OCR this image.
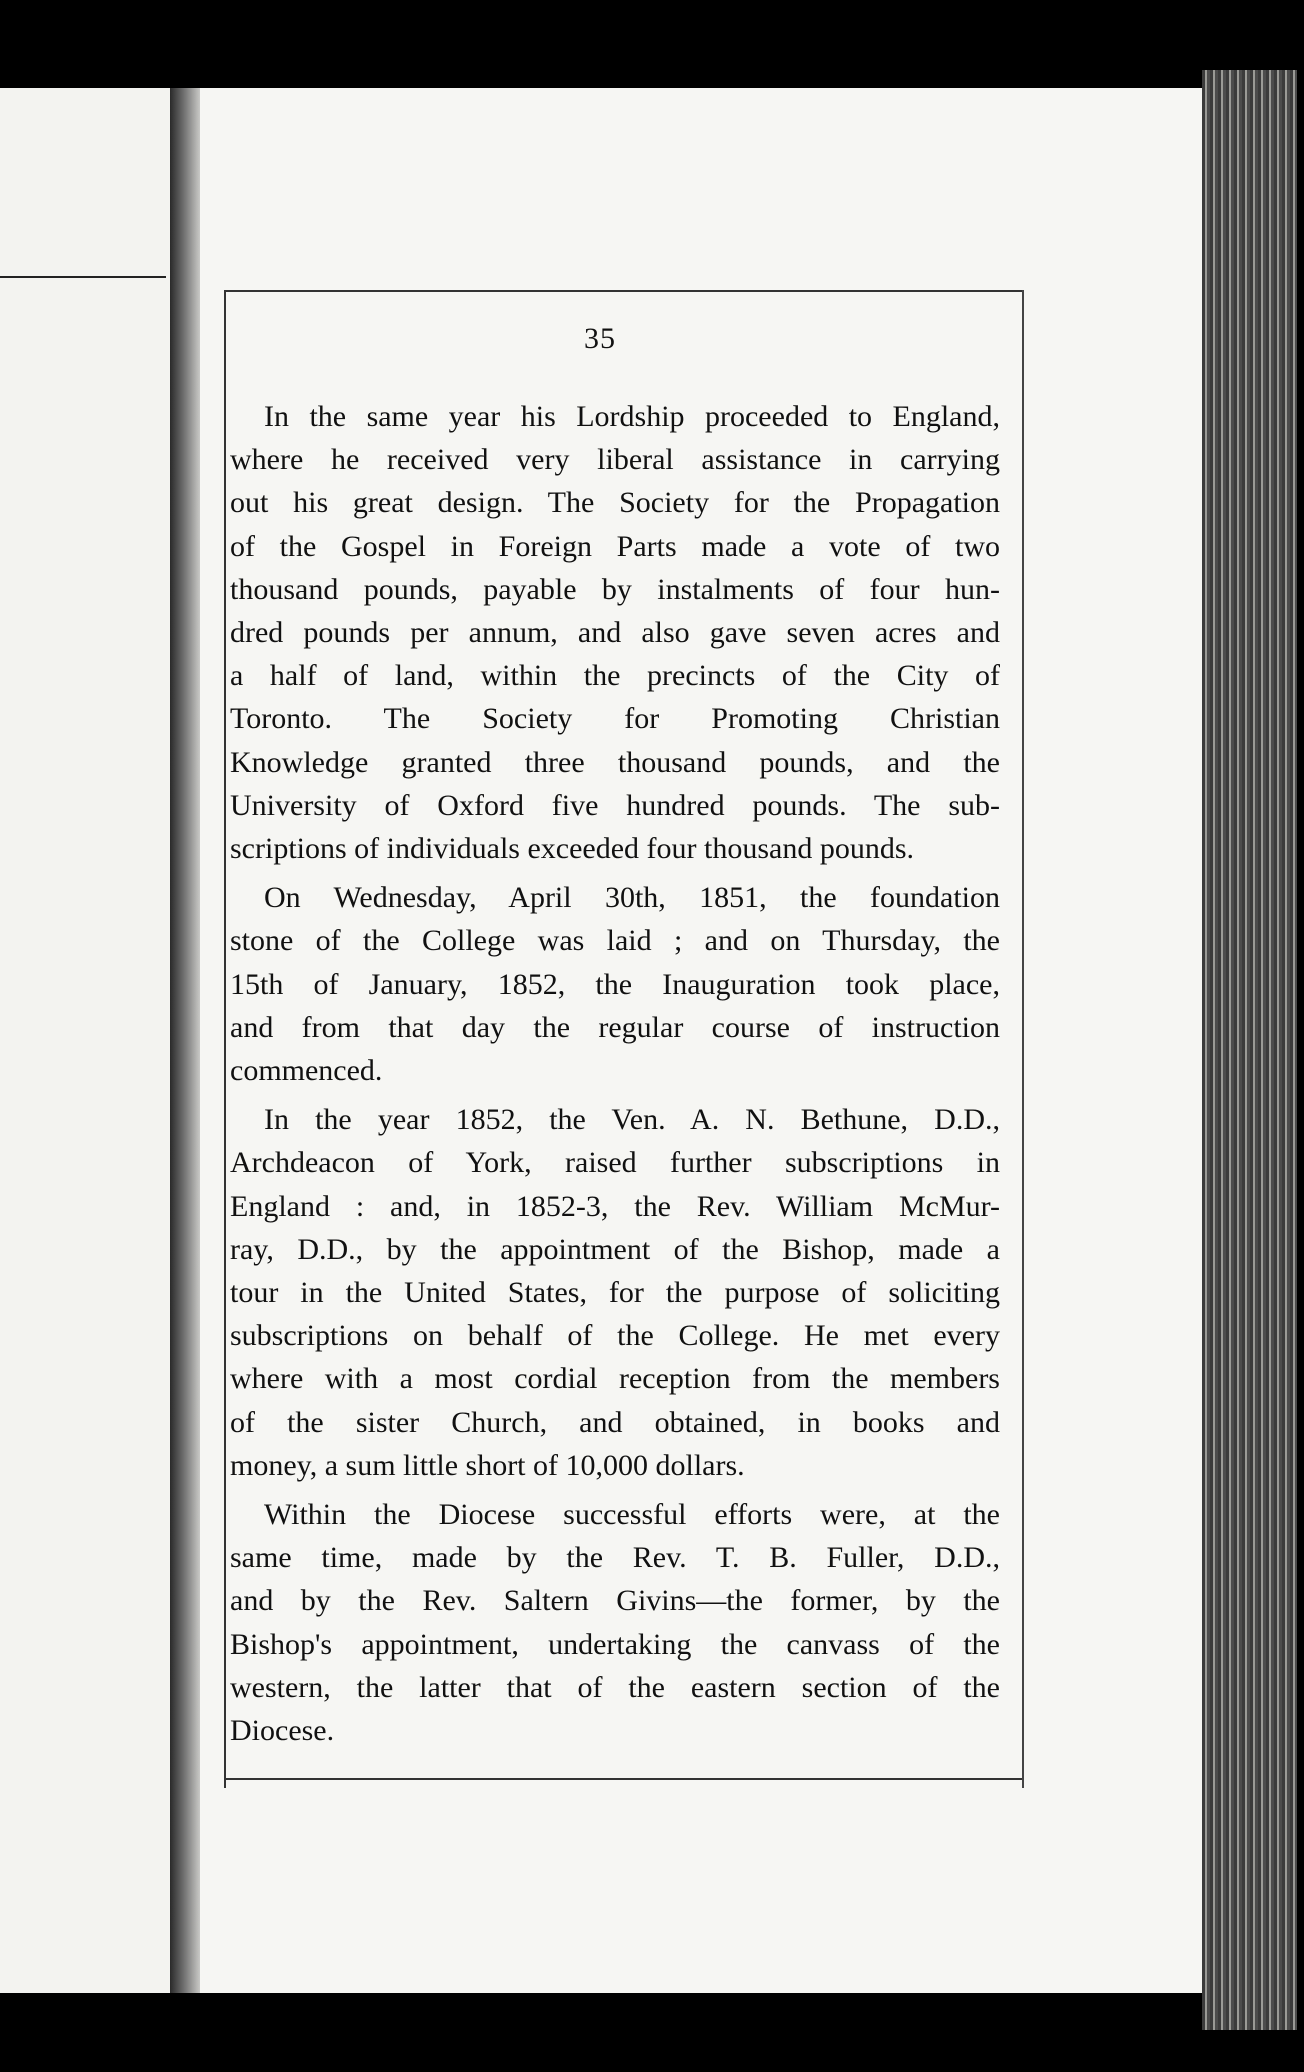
35
In the same year his Lordship proceeded to England,
where he received very liberal assistance in carrying
out his great design. The Society for the Propagation
of the Gospel in Foreign Parts made a vote of two
thousand pounds, payable by instalments of four hun-
dred pounds per annum, and also gave seven acres and
a half of land, within the precincts of the City of
Toronto. The Society for Promoting Christian
Knowledge granted three thousand pounds, and the
University of Oxford five hundred pounds. The sub-
scriptions of individuals exceeded four thousand pounds.
On Wednesday, April 30th, 1851, the foundation
stone of the College was laid ; and on Thursday, the
15th of January, 1852, the Inauguration took place,
and from that day the regular course of instruction
commenced.
In the year 1852, the Ven. A. N. Bethune, D.D.,
Archdeacon of York, raised further subscriptions in
England : and, in 1852-3, the Rev. William McMur-
ray, D.D., by the appointment of the Bishop, made a
tour in the United States, for the purpose of soliciting
subscriptions on behalf of the College. He met every
where with a most cordial reception from the members
of the sister Church, and obtained, in books and
money, a sum little short of 10,000 dollars.
Within the Diocese successful efforts were, at the
same time, made by the Rev. T. B. Fuller, D.D.,
and by the Rev. Saltern Givins—the former, by the
Bishop's appointment, undertaking the canvass of the
western, the latter that of the eastern section of the
Diocese.
